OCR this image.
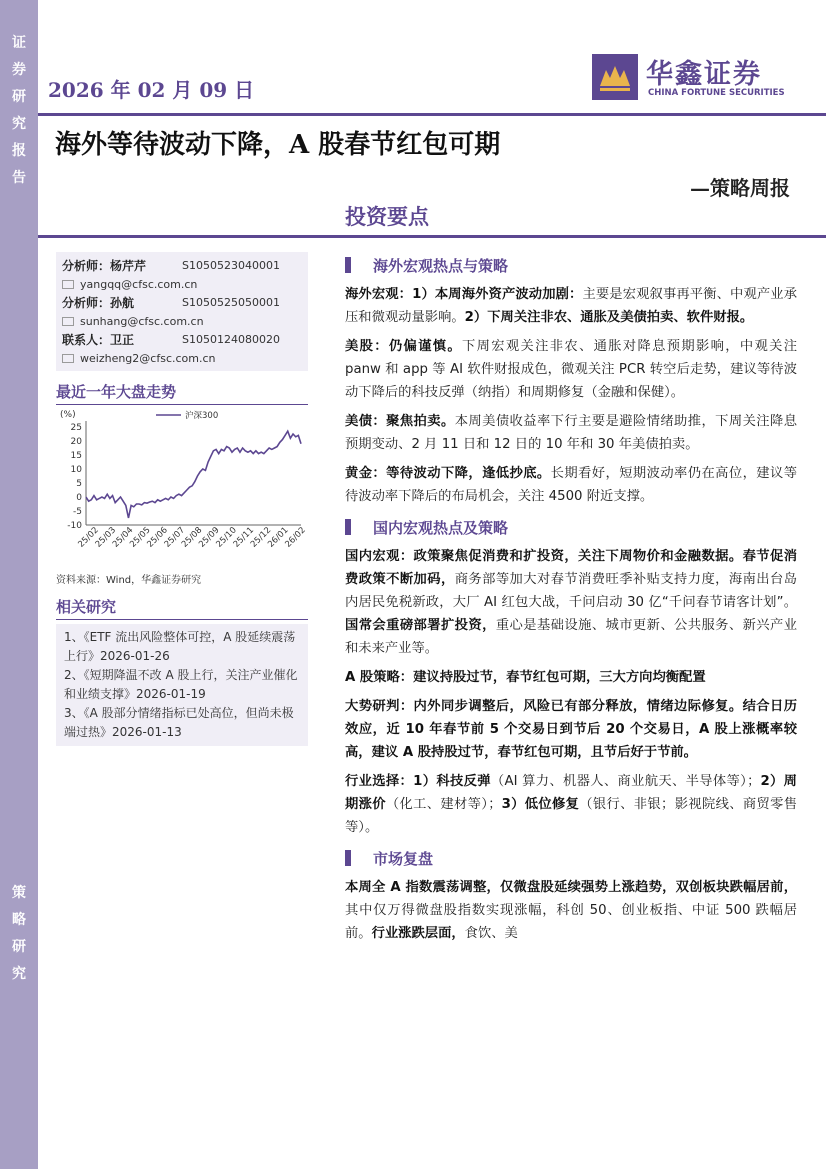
证
券
研
究
报
告
策
略
研
究
2026 年 02 月 09 日	华鑫证券
CHINA FORTUNE SECURITIES
海外等待波动下降，A 股春节红包可期
—策略周报
投资要点
分析师：杨芹芹	S1050523040001
yangqq@cfsc.com.cn
分析师：孙航	S1050525050001
sunhang@cfsc.com.cn
联系人：卫正	S1050124080020
weizheng2@cfsc.com.cn
最近一年大盘走势
(%)
25
20
15
10
5
0
-5
-10
25/02
25/03
25/04
25/05
25/06
25/07
25/08
25/09
25/10
25/11
25/12
26/01
26/02
沪深300
资料来源：Wind，华鑫证券研究
相关研究
1、《ETF 流出风险整体可控，A 股延续震荡上行》2026-01-26
2、《短期降温不改 A 股上行，关注产业催化和业绩支撑》2026-01-19
3、《A 股部分情绪指标已处高位，但尚未极端过热》2026-01-13
海外宏观热点与策略
海外宏观：1）本周海外资产波动加剧：主要是宏观叙事再平衡、中观产业承压和微观动量影响。2）下周关注非农、通胀及美债拍卖、软件财报。
美股：仍偏谨慎。下周宏观关注非农、通胀对降息预期影响，中观关注 panw 和 app 等 AI 软件财报成色，微观关注 PCR 转空后走势，建议等待波动下降后的科技反弹（纳指）和周期修复（金融和保健）。
美债：聚焦拍卖。本周美债收益率下行主要是避险情绪助推，下周关注降息预期变动、2 月 11 日和 12 日的 10 年和 30 年美债拍卖。
黄金：等待波动下降，逢低抄底。长期看好，短期波动率仍在高位，建议等待波动率下降后的布局机会，关注 4500 附近支撑。
国内宏观热点及策略
国内宏观：政策聚焦促消费和扩投资，关注下周物价和金融数据。春节促消费政策不断加码，商务部等加大对春节消费旺季补贴支持力度，海南出台岛内居民免税新政，大厂 AI 红包大战，千问启动 30 亿“千问春节请客计划”。国常会重磅部署扩投资，重心是基础设施、城市更新、公共服务、新兴产业和未来产业等。
A 股策略：建议持股过节，春节红包可期，三大方向均衡配置
大势研判：内外同步调整后，风险已有部分释放，情绪边际修复。结合日历效应，近 10 年春节前 5 个交易日到节后 20 个交易日，A 股上涨概率较高，建议 A 股持股过节，春节红包可期，且节后好于节前。
行业选择：1）科技反弹（AI 算力、机器人、商业航天、半导体等）；2）周期涨价（化工、建材等）；3）低位修复（银行、非银；影视院线、商贸零售等）。
市场复盘
本周全 A 指数震荡调整，仅微盘股延续强势上涨趋势，双创板块跌幅居前，其中仅万得微盘股指数实现涨幅，科创 50、创业板指、中证 500 跌幅居前。行业涨跌层面，食饮、美
